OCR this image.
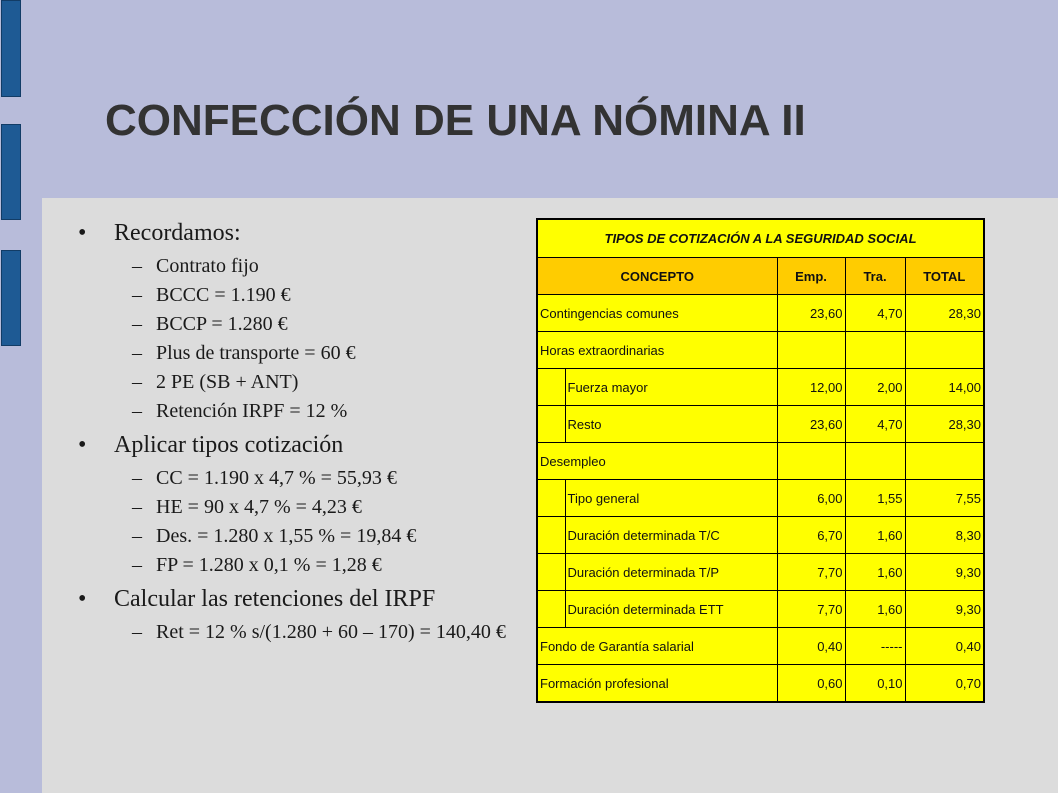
CONFECCIÓN DE UNA NÓMINA II
• Recordamos:
– Contrato fijo
– BCCC = 1.190 €
– BCCP = 1.280 €
– Plus de transporte = 60 €
– 2 PE (SB + ANT)
– Retención IRPF = 12 %
• Aplicar tipos cotización
– CC = 1.190 x 4,7 % = 55,93 €
– HE = 90 x 4,7 % = 4,23 €
– Des. = 1.280 x 1,55 % = 19,84 €
– FP = 1.280 x 0,1 % = 1,28 €
• Calcular las retenciones del IRPF
– Ret = 12 % s/(1.280 + 60 – 170) = 140,40 €
TIPOS DE COTIZACIÓN A LA SEGURIDAD SOCIAL				
CONCEPTO		Emp.	Tra.	TOTAL
Contingencias comunes		23,60	4,70	28,30
Horas extraordinarias				
	Fuerza mayor	12,00	2,00	14,00
	Resto	23,60	4,70	28,30
Desempleo				
	Tipo general	6,00	1,55	7,55
	Duración determinada T/C	6,70	1,60	8,30
	Duración determinada T/P	7,70	1,60	9,30
	Duración determinada ETT	7,70	1,60	9,30
Fondo de Garantía salarial		0,40	-----	0,40
Formación profesional		0,60	0,10	0,70
